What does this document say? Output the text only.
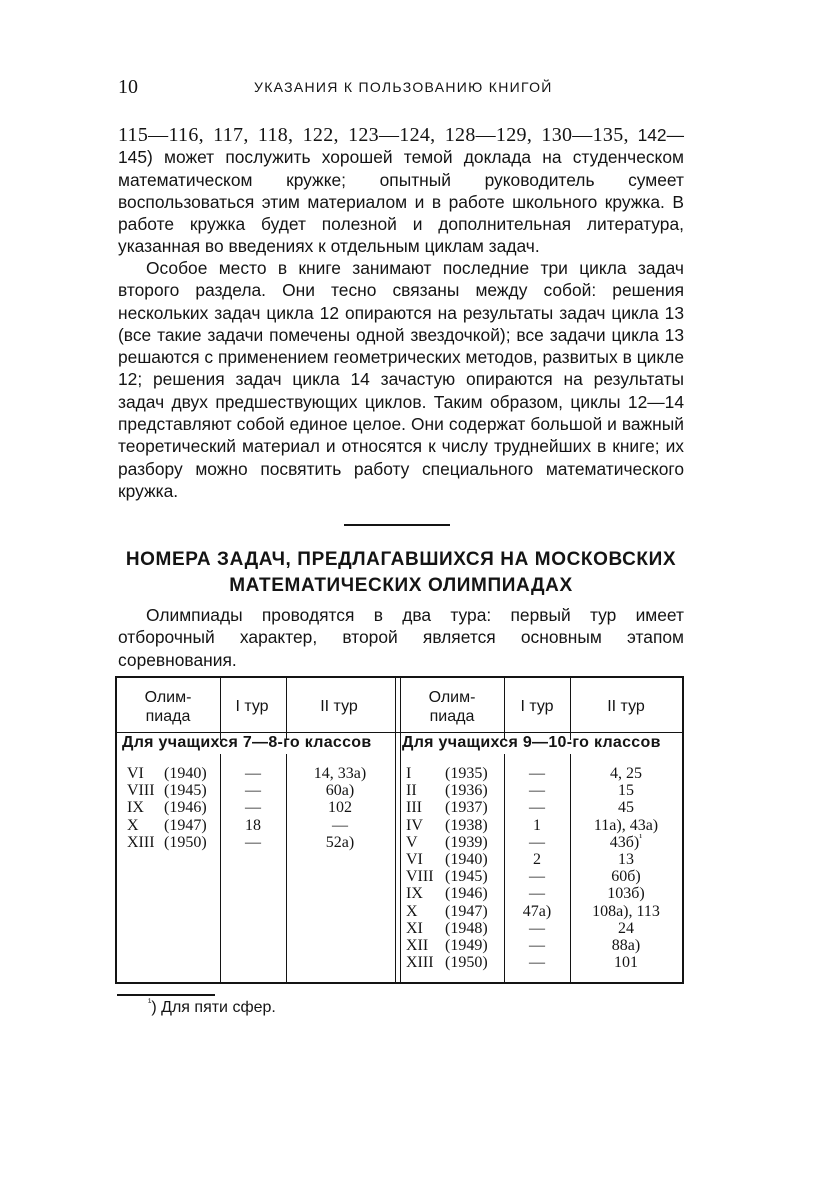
10	УКАЗАНИЯ К ПОЛЬЗОВАНИЮ КНИГОЙ

115—116, 117, 118, 122, 123—124, 128—129, 130—135, 142—145) может послужить хорошей темой доклада на студенческом математическом кружке; опытный руководитель сумеет воспользоваться этим материалом и в работе школьного кружка. В работе кружка будет полезной и дополнительная литература, указанная во введениях к отдельным циклам задач.

Особое место в книге занимают последние три цикла задач второго раздела. Они тесно связаны между собой: решения нескольких задач цикла 12 опираются на результаты задач цикла 13 (все такие задачи помечены одной звездочкой); все задачи цикла 13 решаются с применением геометрических методов, развитых в цикле 12; решения задач цикла 14 зачастую опираются на результаты задач двух предшествующих циклов. Таким образом, циклы 12—14 представляют собой единое целое. Они содержат большой и важный теоретический материал и относятся к числу труднейших в книге; их разбору можно посвятить работу специального математического кружка.

НОМЕРА ЗАДАЧ, ПРЕДЛАГАВШИХСЯ НА МОСКОВСКИХ
МАТЕМАТИЧЕСКИХ ОЛИМПИАДАХ

Олимпиады проводятся в два тура: первый тур имеет отборочный характер, второй является основным этапом соревнования.

Олим-
пиада
I тур	II тур
Олим-
пиада
I тур	II тур
Для учащихся 7—8-го классов Для учащихся 9—10-го классов
VI (1940)	—	14, 33а)
VIII (1945)	—	60а)
IX (1946)	—	102
X (1947)	18	—
XIII (1950)	—	52а)
I (1935)	—	4, 25
II (1936)	—	15
III (1937)	—	45
IV (1938)	1	11а), 43а)
V (1939)	—	43б)$^{^1}$
VI (1940)	2	13
VIII (1945)	—	60б)
IX (1946)	—	103б)
X (1947)	47а)	108а), 113
XI (1948)	—	24
XII (1949)	—	88а)
XIII (1950)	—	101
$^{^1}$) Для пяти сфер.
